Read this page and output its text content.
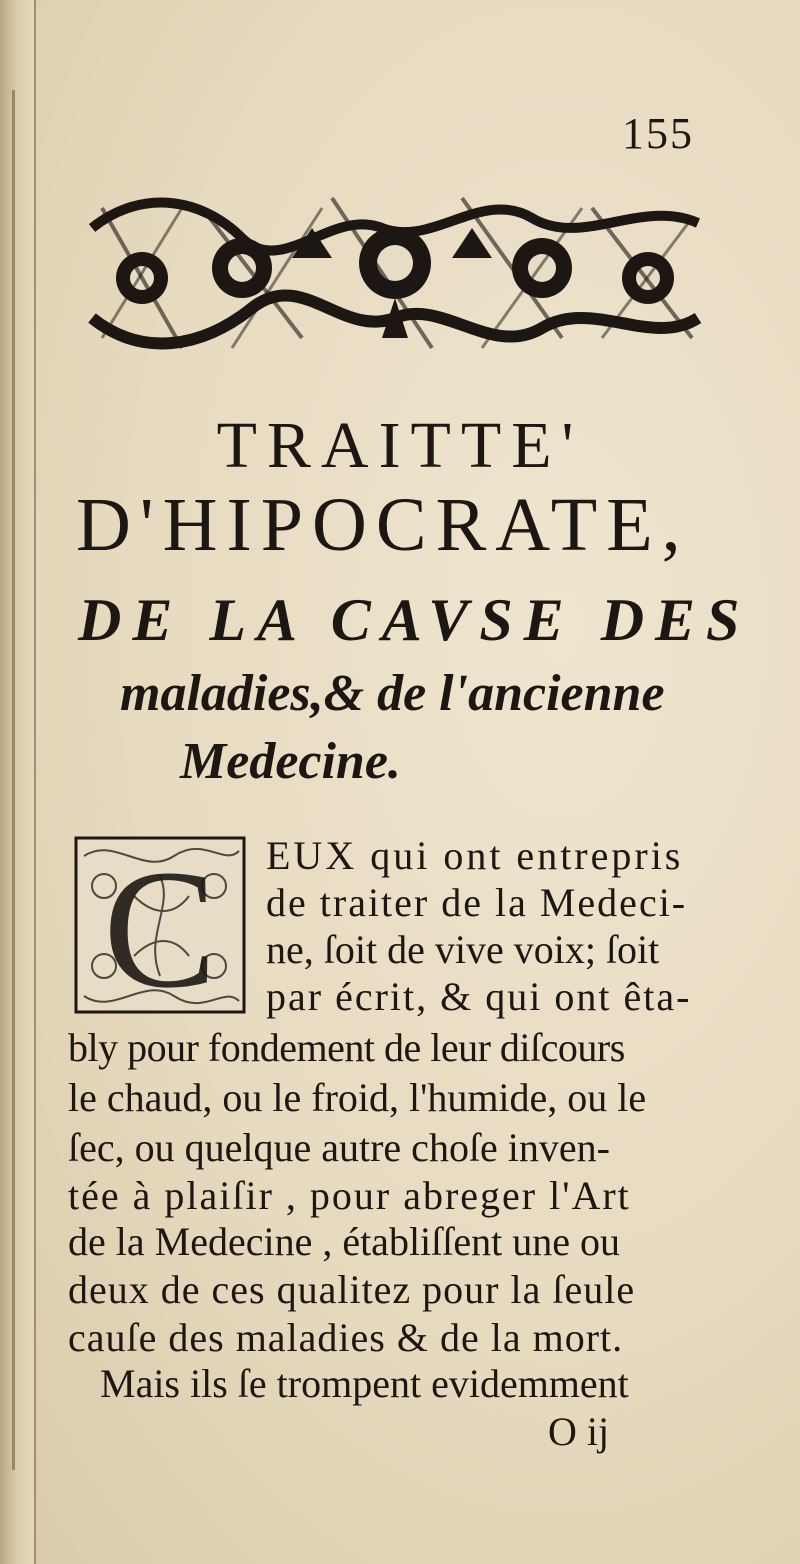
155
TRAITTE'
D'HIPOCRATE,
DE LA CAVSE DES
maladies,& de l'ancienne
Medecine.
C EUX qui ont entrepris
de traiter de la Medeci-
ne, ſoit de vive voix; ſoit
par écrit, & qui ont êta-
bly pour fondement de leur diſcours
le chaud, ou le froid, l'humide, ou le
ſec, ou quelque autre choſe inven-
tée à plaiſir , pour abreger l'Art
de la Medecine , établiſſent une ou
deux de ces qualitez pour la ſeule
cauſe des maladies & de la mort.
Mais ils ſe trompent evidemment
O ij
